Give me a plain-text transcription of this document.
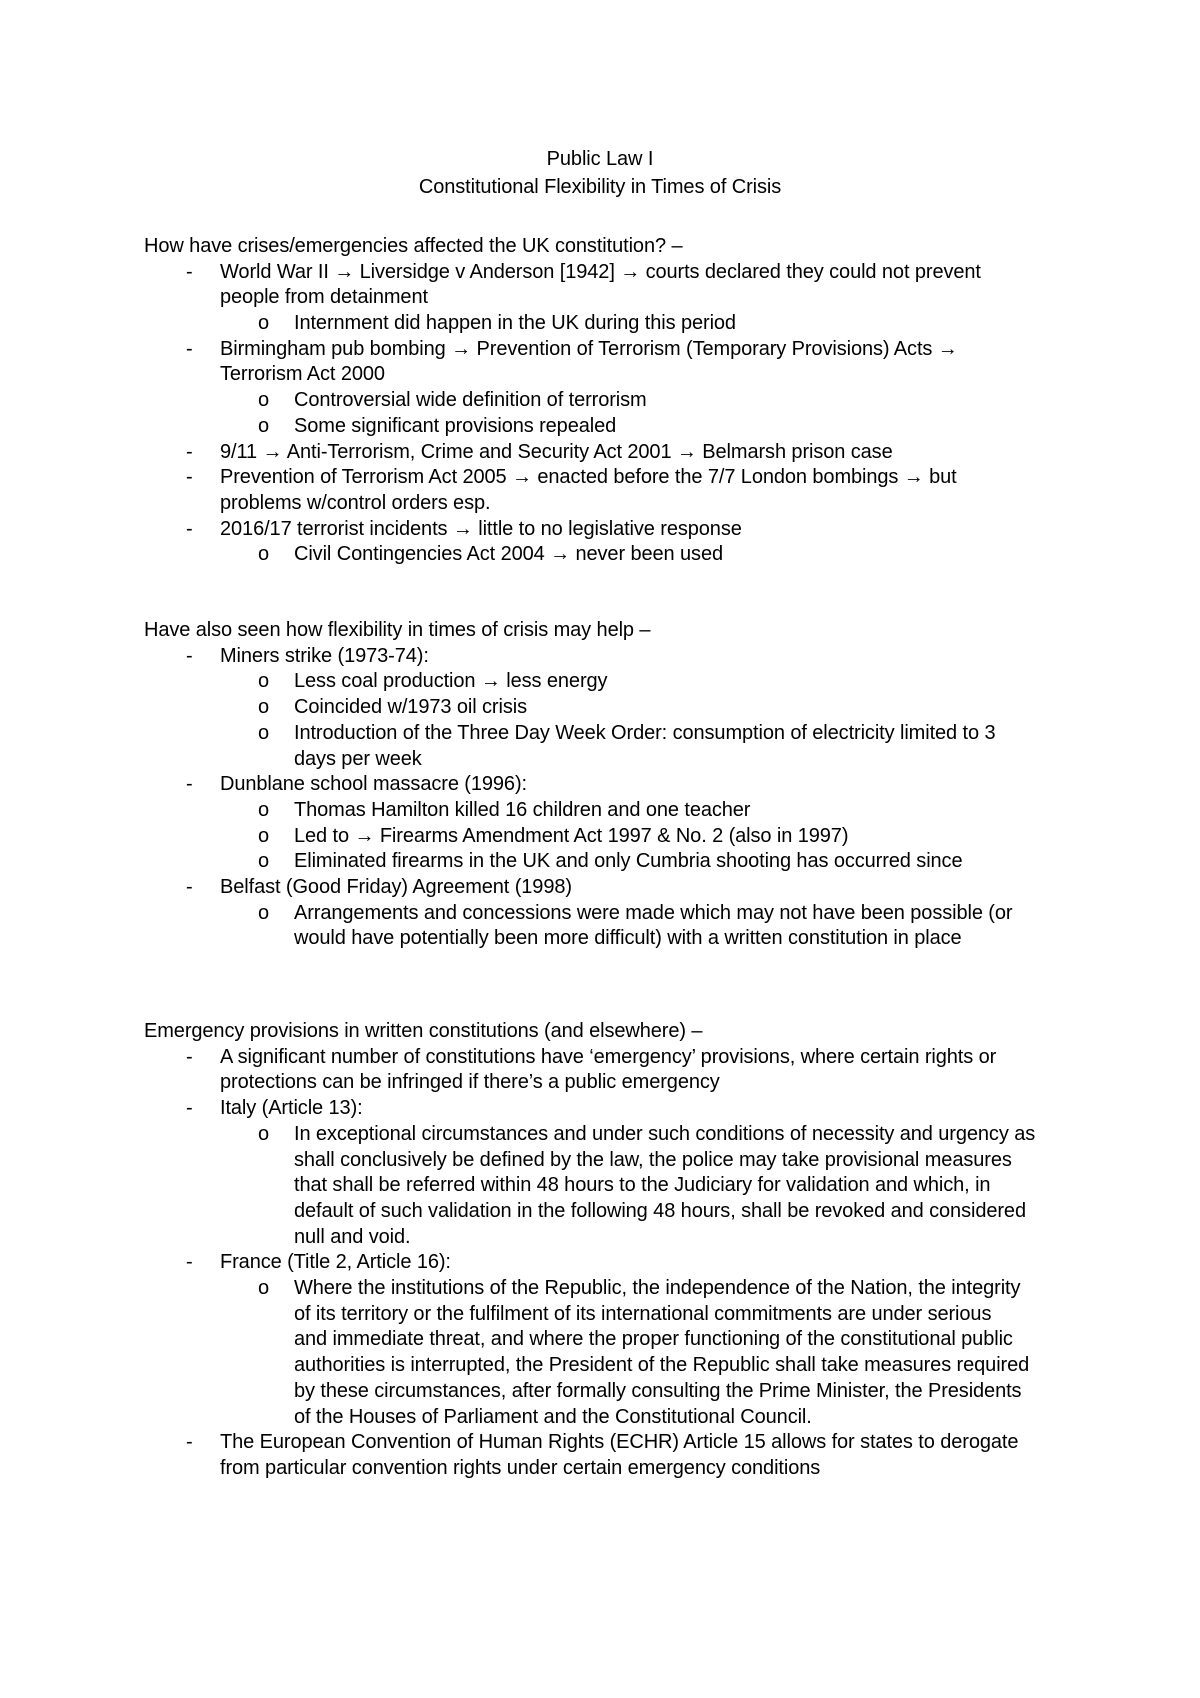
Public Law I
Constitutional Flexibility in Times of Crisis
How have crises/emergencies affected the UK constitution? –
- World War II → Liversidge v Anderson [1942] → courts declared they could not prevent
people from detainment
o Internment did happen in the UK during this period
- Birmingham pub bombing → Prevention of Terrorism (Temporary Provisions) Acts →
Terrorism Act 2000
o Controversial wide definition of terrorism
o Some significant provisions repealed
- 9/11 → Anti-Terrorism, Crime and Security Act 2001 → Belmarsh prison case
- Prevention of Terrorism Act 2005 → enacted before the 7/7 London bombings → but
problems w/control orders esp.
- 2016/17 terrorist incidents → little to no legislative response
o Civil Contingencies Act 2004 → never been used
Have also seen how flexibility in times of crisis may help –
- Miners strike (1973-74):
o Less coal production → less energy
o Coincided w/1973 oil crisis
o Introduction of the Three Day Week Order: consumption of electricity limited to 3
days per week
- Dunblane school massacre (1996):
o Thomas Hamilton killed 16 children and one teacher
o Led to → Firearms Amendment Act 1997 & No. 2 (also in 1997)
o Eliminated firearms in the UK and only Cumbria shooting has occurred since
- Belfast (Good Friday) Agreement (1998)
o Arrangements and concessions were made which may not have been possible (or
would have potentially been more difficult) with a written constitution in place
Emergency provisions in written constitutions (and elsewhere) –
- A significant number of constitutions have ‘emergency’ provisions, where certain rights or
protections can be infringed if there’s a public emergency
- Italy (Article 13):
o In exceptional circumstances and under such conditions of necessity and urgency as
shall conclusively be defined by the law, the police may take provisional measures
that shall be referred within 48 hours to the Judiciary for validation and which, in
default of such validation in the following 48 hours, shall be revoked and considered
null and void.
- France (Title 2, Article 16):
o Where the institutions of the Republic, the independence of the Nation, the integrity
of its territory or the fulfilment of its international commitments are under serious
and immediate threat, and where the proper functioning of the constitutional public
authorities is interrupted, the President of the Republic shall take measures required
by these circumstances, after formally consulting the Prime Minister, the Presidents
of the Houses of Parliament and the Constitutional Council.
- The European Convention of Human Rights (ECHR) Article 15 allows for states to derogate
from particular convention rights under certain emergency conditions
